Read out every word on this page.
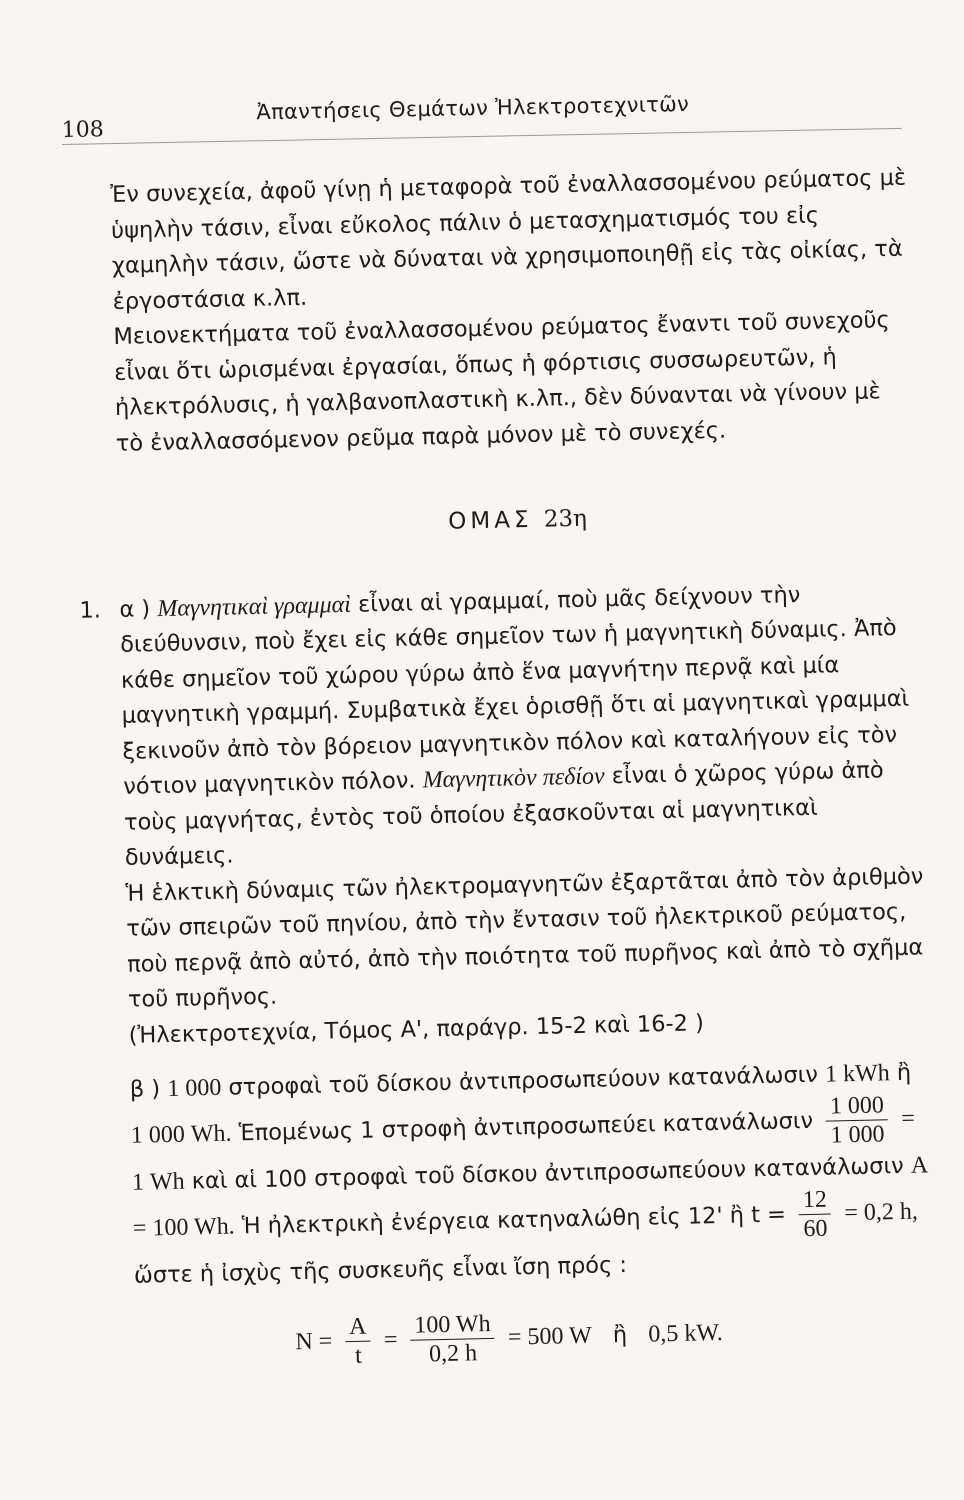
108
Ἀπαντήσεις Θεμάτων Ἠλεκτροτεχνιτῶν

Ἐν συνεχεία, ἀφοῦ γίνῃ ἡ μεταφορὰ τοῦ ἐναλλασσομένου ρεύματος μὲ ὑψηλὴν τάσιν, εἶναι εὔκολος πάλιν ὁ μετασχηματισμός του εἰς χαμηλὴν τάσιν, ὥστε νὰ δύναται νὰ χρησιμοποιηθῇ εἰς τὰς οἰκίας, τὰ ἐργοστάσια κ.λπ.

Μειονεκτήματα τοῦ ἐναλλασσομένου ρεύματος ἔναντι τοῦ συνεχοῦς εἶναι ὅτι ὡρισμέναι ἐργασίαι, ὅπως ἡ φόρτισις συσσωρευτῶν, ἡ ἠλεκτρόλυσις, ἡ γαλβανοπλαστικὴ κ.λπ., δὲν δύνανται νὰ γίνουν μὲ τὸ ἐναλλασσόμενον ρεῦμα παρὰ μόνον μὲ τὸ συνεχές.

ΟΜΑΣ 23η
1. α ) Μαγνητικαὶ γραμμαὶ εἶναι αἱ γραμμαί, ποὺ μᾶς δείχνουν τὴν διεύθυνσιν, ποὺ ἔχει εἰς κάθε σημεῖον των ἡ μαγνητικὴ δύναμις. Ἀπὸ κάθε σημεῖον τοῦ χώρου γύρω ἀπὸ ἕνα μαγνήτην περνᾷ καὶ μία μαγνητικὴ γραμμή. Συμβατικὰ ἔχει ὁρισθῇ ὅτι αἱ μαγνητικαὶ γραμμαὶ ξεκινοῦν ἀπὸ τὸν βόρειον μαγνητικὸν πόλον καὶ καταλήγουν εἰς τὸν νότιον μαγνητικὸν πόλον. Μαγνητικὸν πεδίον εἶναι ὁ χῶρος γύρω ἀπὸ τοὺς μαγνήτας, ἐντὸς τοῦ ὁποίου ἐξασκοῦνται αἱ μαγνητικαὶ δυνάμεις.

Ἡ ἑλκτικὴ δύναμις τῶν ἠλεκτρομαγνητῶν ἐξαρτᾶται ἀπὸ τὸν ἀριθμὸν τῶν σπειρῶν τοῦ πηνίου, ἀπὸ τὴν ἔντασιν τοῦ ἠλεκτρικοῦ ρεύματος, ποὺ περνᾷ ἀπὸ αὐτό, ἀπὸ τὴν ποιότητα τοῦ πυρῆνος καὶ ἀπὸ τὸ σχῆμα τοῦ πυρῆνος.

(Ἠλεκτροτεχνία, Τόμος Α', παράγρ. 15-2 καὶ 16-2 )

β ) 1 000 στροφαὶ τοῦ δίσκου ἀντιπροσωπεύουν κατανάλωσιν 1 kWh ἢ 1 000 Wh. Ἑπομένως 1 στροφὴ ἀντιπροσωπεύει κατανάλωσιν $\frac{1 000}{1 000} = 1$ Wh καὶ αἱ 100 στροφαὶ τοῦ δίσκου ἀντιπροσωπεύουν κατανάλωσιν A = 100 Wh. Ἡ ἠλεκτρικὴ ἐνέργεια κατηναλώθη εἰς 12' ἢ $t = \frac{12}{60} = 0,2$ h, ὥστε ἡ ἰσχὺς τῆς συσκευῆς εἶναι ἴση πρός :

$N = \frac{A}{t} = \frac{100 Wh}{0,2 h} = 500$ W ἢ 0,5 kW.
